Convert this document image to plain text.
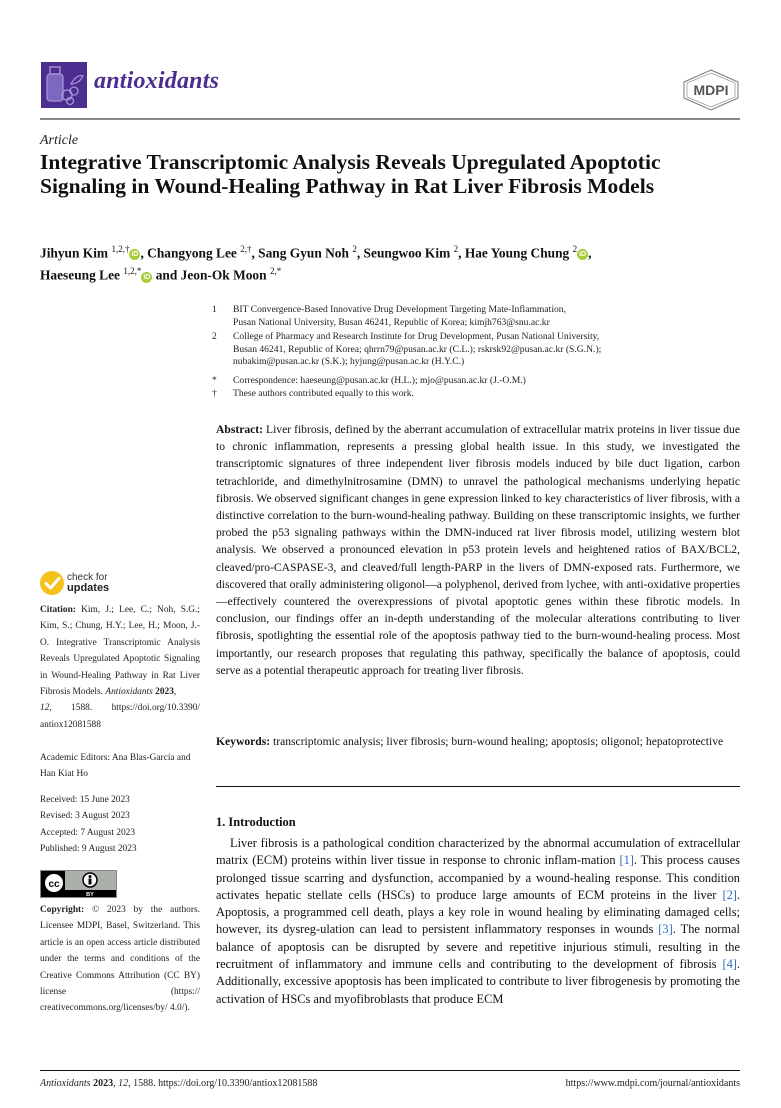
antioxidants	MDPI
Article
Integrative Transcriptomic Analysis Reveals Upregulated Apoptotic Signaling in Wound-Healing Pathway in Rat Liver Fibrosis Models
Jihyun Kim $^{1,2,\dagger}$iD , Changyong Lee $^{2,\dagger}$, Sang Gyun Noh $^2$, Seungwoo Kim $^2$, Hae Young Chung $^2$iD ,
Haeseung Lee $^{1,2,*}$iD and Jeon-Ok Moon $^{2,*}$
1	BIT Convergence-Based Innovative Drug Development Targeting Mate-Inflammation,
Pusan National University, Busan 46241, Republic of Korea; kimjh763@snu.ac.kr
2	College of Pharmacy and Research Institute for Drug Development, Pusan National University,
Busan 46241, Republic of Korea; qhrrn79@pusan.ac.kr (C.L.); rskrsk92@pusan.ac.kr (S.G.N.);
nubakim@pusan.ac.kr (S.K.); hyjung@pusan.ac.kr (H.Y.C.)
*	Correspondence: haeseung@pusan.ac.kr (H.L.); mjo@pusan.ac.kr (J.-O.M.)
†	These authors contributed equally to this work.
Abstract: Liver fibrosis, defined by the aberrant accumulation of extracellular matrix proteins in liver tissue due to chronic inflammation, represents a pressing global health issue. In this study, we investigated the transcriptomic signatures of three independent liver fibrosis models induced by bile duct ligation, carbon tetrachloride, and dimethylnitrosamine (DMN) to unravel the pathological mechanisms underlying hepatic fibrosis. We observed significant changes in gene expression linked to key characteristics of liver fibrosis, with a distinctive correlation to the burn-wound-healing pathway. Building on these transcriptomic insights, we further probed the p53 signaling pathways within the DMN-induced rat liver fibrosis model, utilizing western blot analysis. We observed a pronounced elevation in p53 protein levels and heightened ratios of BAX/BCL2, cleaved/pro-CASPASE-3, and cleaved/full length-PARP in the livers of DMN-exposed rats. Furthermore, we discovered that orally administering oligonol—a polyphenol, derived from lychee, with anti-oxidative properties—effectively countered the overexpressions of pivotal apoptotic genes within these fibrotic models. In conclusion, our findings offer an in-depth understanding of the molecular alterations contributing to liver fibrosis, spotlighting the essential role of the apoptosis pathway tied to the burn-wound-healing process. Most importantly, our research proposes that regulating this pathway, specifically the balance of apoptosis, could serve as a potential therapeutic approach for treating liver fibrosis.
Keywords: transcriptomic analysis; liver fibrosis; burn-wound healing; apoptosis; oligonol; hepatoprotective
1. Introduction
Liver fibrosis is a pathological condition characterized by the abnormal accumulation of extracellular matrix (ECM) proteins within liver tissue in response to chronic inflam-mation [1]. This process causes prolonged tissue scarring and dysfunction, accompanied by a wound-healing response. This condition activates hepatic stellate cells (HSCs) to produce large amounts of ECM proteins in the liver [2]. Apoptosis, a programmed cell death, plays a key role in wound healing by eliminating damaged cells; however, its dysreg-ulation can lead to persistent inflammatory responses in wounds [3]. The normal balance of apoptosis can be disrupted by severe and repetitive injurious stimuli, resulting in the recruitment of inflammatory and immune cells and contributing to the development of fibrosis [4]. Additionally, excessive apoptosis has been implicated to contribute to liver fibrogenesis by promoting the activation of HSCs and myofibroblasts that produce ECM
check for
updates
Citation: Kim, J.; Lee, C.; Noh, S.G.; Kim, S.; Chung, H.Y.; Lee, H.; Moon, J.-O. Integrative Transcriptomic Analysis Reveals Upregulated Apoptotic Signaling in Wound-Healing Pathway in Rat Liver Fibrosis Models. Antioxidants 2023,
12, 1588. https://doi.org/10.3390/ antiox12081588
Academic Editors: Ana Blas-García and Han Kiat Ho
Received: 15 June 2023
Revised: 3 August 2023
Accepted: 7 August 2023
Published: 9 August 2023
cc
BY
Copyright: © 2023 by the authors. Licensee MDPI, Basel, Switzerland. This article is an open access article distributed under the terms and conditions of the Creative Commons Attribution (CC BY) license (https:// creativecommons.org/licenses/by/ 4.0/).
Antioxidants 2023, 12, 1588. https://doi.org/10.3390/antiox12081588	https://www.mdpi.com/journal/antioxidants
